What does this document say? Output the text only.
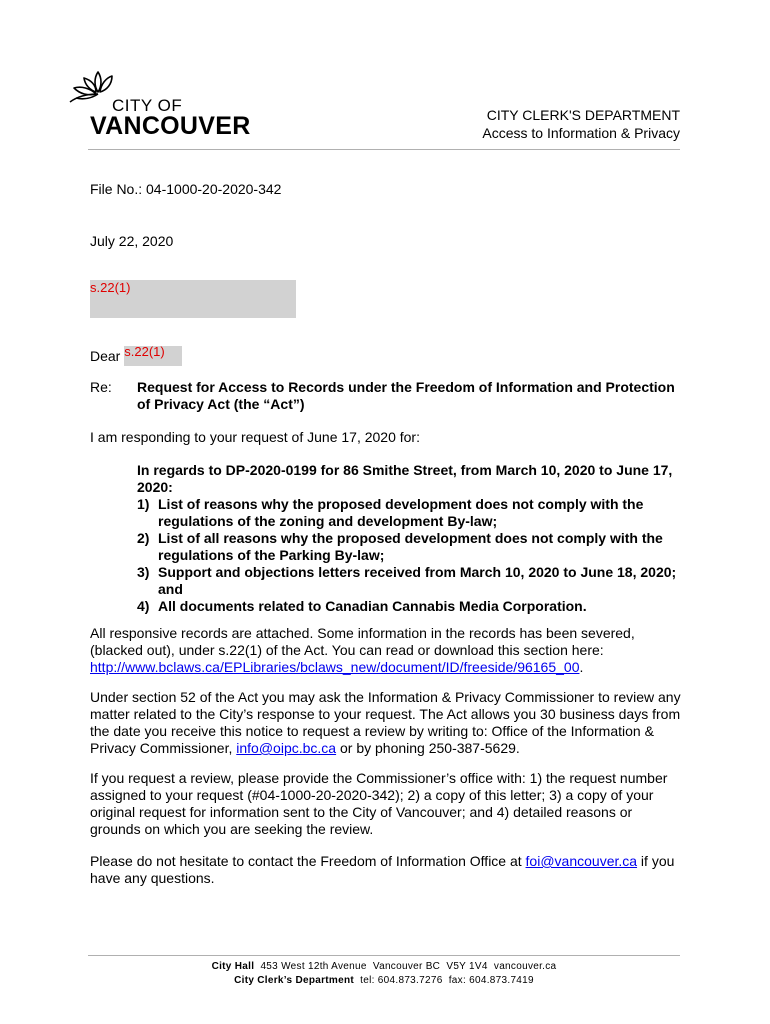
CITY OF
VANCOUVER	CITY CLERK'S DEPARTMENT
Access to Information & Privacy
File No.: 04-1000-20-2020-342
July 22, 2020
s.22(1)
Dear s.22(1)
Re: Request for Access to Records under the Freedom of Information and Protection
of Privacy Act (the “Act”)
I am responding to your request of June 17, 2020 for:
In regards to DP-2020-0199 for 86 Smithe Street, from March 10, 2020 to June 17,
2020:
1) List of reasons why the proposed development does not comply with the
regulations of the zoning and development By-law;
2) List of all reasons why the proposed development does not comply with the
regulations of the Parking By-law;
3) Support and objections letters received from March 10, 2020 to June 18, 2020;
and
4) All documents related to Canadian Cannabis Media Corporation.
All responsive records are attached. Some information in the records has been severed,
(blacked out), under s.22(1) of the Act. You can read or download this section here:
http://www.bclaws.ca/EPLibraries/bclaws_new/document/ID/freeside/96165_00.
Under section 52 of the Act you may ask the Information & Privacy Commissioner to review any
matter related to the City’s response to your request. The Act allows you 30 business days from
the date you receive this notice to request a review by writing to: Office of the Information &
Privacy Commissioner, info@oipc.bc.ca or by phoning 250-387-5629.
If you request a review, please provide the Commissioner’s office with: 1) the request number
assigned to your request (#04-1000-20-2020-342); 2) a copy of this letter; 3) a copy of your
original request for information sent to the City of Vancouver; and 4) detailed reasons or
grounds on which you are seeking the review.
Please do not hesitate to contact the Freedom of Information Office at foi@vancouver.ca if you
have any questions.
City Hall  453 West 12th Avenue  Vancouver BC  V5Y 1V4  vancouver.ca
City Clerk’s Department  tel: 604.873.7276  fax: 604.873.7419
